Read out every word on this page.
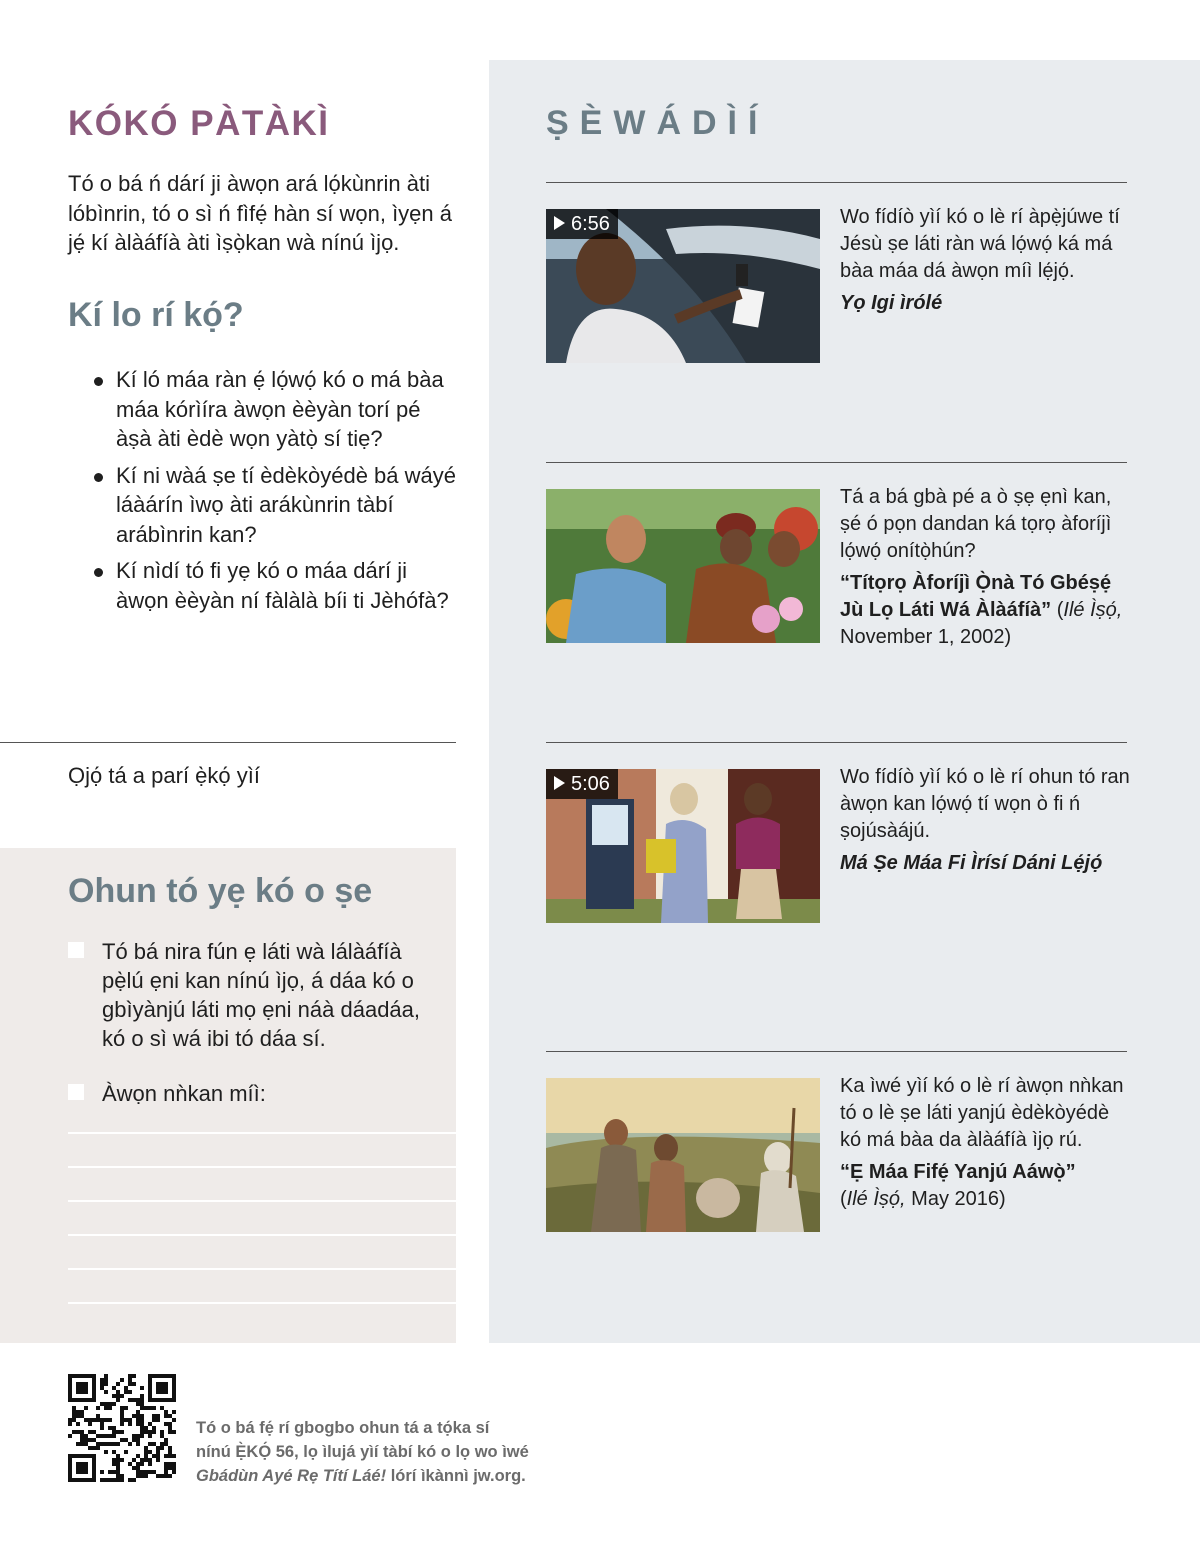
KÓKÓ PÀTÀKÌ
Tó o bá ń dárí ji àwọn ará lọ́kùnrin àti lóbìnrin, tó o sì ń fìfẹ́ hàn sí wọn, ìyẹn á jẹ́ kí àlàáfíà àti ìṣọ̀kan wà nínú ìjọ.
Kí lo rí kọ́?
Kí ló máa ràn ẹ́ lọ́wọ́ kó o má bàa máa kórìíra àwọn èèyàn torí pé àṣà àti èdè wọn yàtọ̀ sí tiẹ?
Kí ni wàá ṣe tí èdèkòyédè bá wáyé láàárín ìwọ àti arákùnrin tàbí arábìnrin kan?
Kí nìdí tó fi yẹ kó o máa dárí ji àwọn èèyàn ní fàlàlà bíi ti Jèhófà?
Ọjọ́ tá a parí ẹ̀kọ́ yìí
Ohun tó yẹ kó o ṣe
Tó bá nira fún ẹ láti wà lálàáfíà pẹ̀lú ẹni kan nínú ìjọ, á dáa kó o gbìyànjú láti mọ ẹni náà dáadáa, kó o sì wá ibi tó dáa sí.
Àwọn nǹkan míì:
ṢÈWÁDÌÍ
6:56	Wo fídíò yìí kó o lè rí àpẹ̀júwe tí Jésù ṣe láti ràn wá lọ́wọ́ ká má bàa máa dá àwọn míì lẹ́jọ́.
Yọ Igi ìrólé
Tá a bá gbà pé a ò ṣẹ ẹnì kan, ṣé ó pọn dandan ká tọrọ àforíjì lọ́wọ́ onítọ̀hún?
“Títọrọ Àforíjì Ọ̀nà Tó Gbéṣẹ́ Jù Lọ Láti Wá Àlàáfíà” (Ilé Ìṣọ́, November 1, 2002)
5:06	Wo fídíò yìí kó o lè rí ohun tó ran àwọn kan lọ́wọ́ tí wọn ò fi ń ṣojúsàájú.
Má Ṣe Máa Fi Ìrísí Dáni Lẹ́jọ́
Ka ìwé yìí kó o lè rí àwọn nǹkan tó o lè ṣe láti yanjú èdèkòyédè kó má bàa da àlàáfíà ìjọ rú.
“Ẹ Máa Fifẹ́ Yanjú Aáwọ̀”
(Ilé Ìṣọ́, May 2016)
Tó o bá fẹ́ rí gbogbo ohun tá a tọ́ka sí
nínú Ẹ̀KỌ́ 56, lọ ìlujá yìí tàbí kó o lọ wo ìwé
Gbádùn Ayé Rẹ Títí Láé! lórí ìkànnì jw.org.
